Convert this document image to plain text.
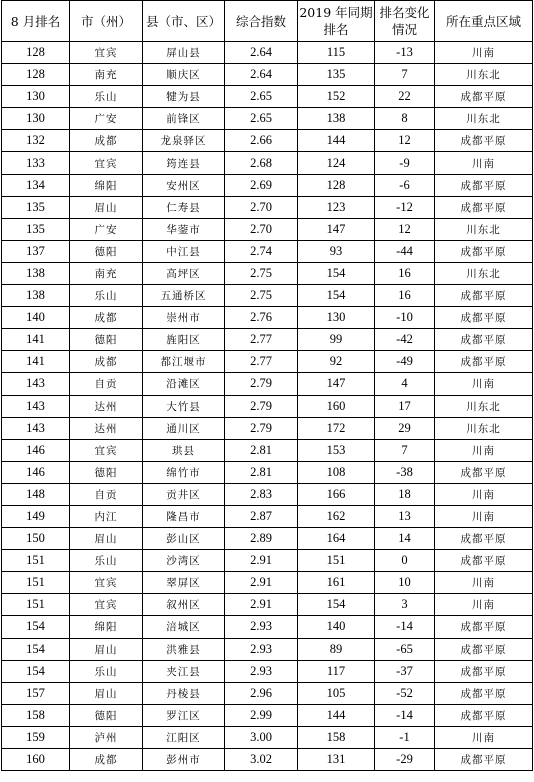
8 月排名	市（州）	县（市、区）	综合指数	2019 年同期排名	排名变化情况	所在重点区域
128	宜宾	屏山县	2.64	115	-13	川南
128	南充	顺庆区	2.64	135	7	川东北
130	乐山	犍为县	2.65	152	22	成都平原
130	广安	前锋区	2.65	138	8	川东北
132	成都	龙泉驿区	2.66	144	12	成都平原
133	宜宾	筠连县	2.68	124	-9	川南
134	绵阳	安州区	2.69	128	-6	成都平原
135	眉山	仁寿县	2.70	123	-12	成都平原
135	广安	华蓥市	2.70	147	12	川东北
137	德阳	中江县	2.74	93	-44	成都平原
138	南充	高坪区	2.75	154	16	川东北
138	乐山	五通桥区	2.75	154	16	成都平原
140	成都	崇州市	2.76	130	-10	成都平原
141	德阳	旌阳区	2.77	99	-42	成都平原
141	成都	都江堰市	2.77	92	-49	成都平原
143	自贡	沿滩区	2.79	147	4	川南
143	达州	大竹县	2.79	160	17	川东北
143	达州	通川区	2.79	172	29	川东北
146	宜宾	珙县	2.81	153	7	川南
146	德阳	绵竹市	2.81	108	-38	成都平原
148	自贡	贡井区	2.83	166	18	川南
149	内江	隆昌市	2.87	162	13	川南
150	眉山	彭山区	2.89	164	14	成都平原
151	乐山	沙湾区	2.91	151	0	成都平原
151	宜宾	翠屏区	2.91	161	10	川南
151	宜宾	叙州区	2.91	154	3	川南
154	绵阳	涪城区	2.93	140	-14	成都平原
154	眉山	洪雅县	2.93	89	-65	成都平原
154	乐山	夹江县	2.93	117	-37	成都平原
157	眉山	丹棱县	2.96	105	-52	成都平原
158	德阳	罗江区	2.99	144	-14	成都平原
159	泸州	江阳区	3.00	158	-1	川南
160	成都	彭州市	3.02	131	-29	成都平原
